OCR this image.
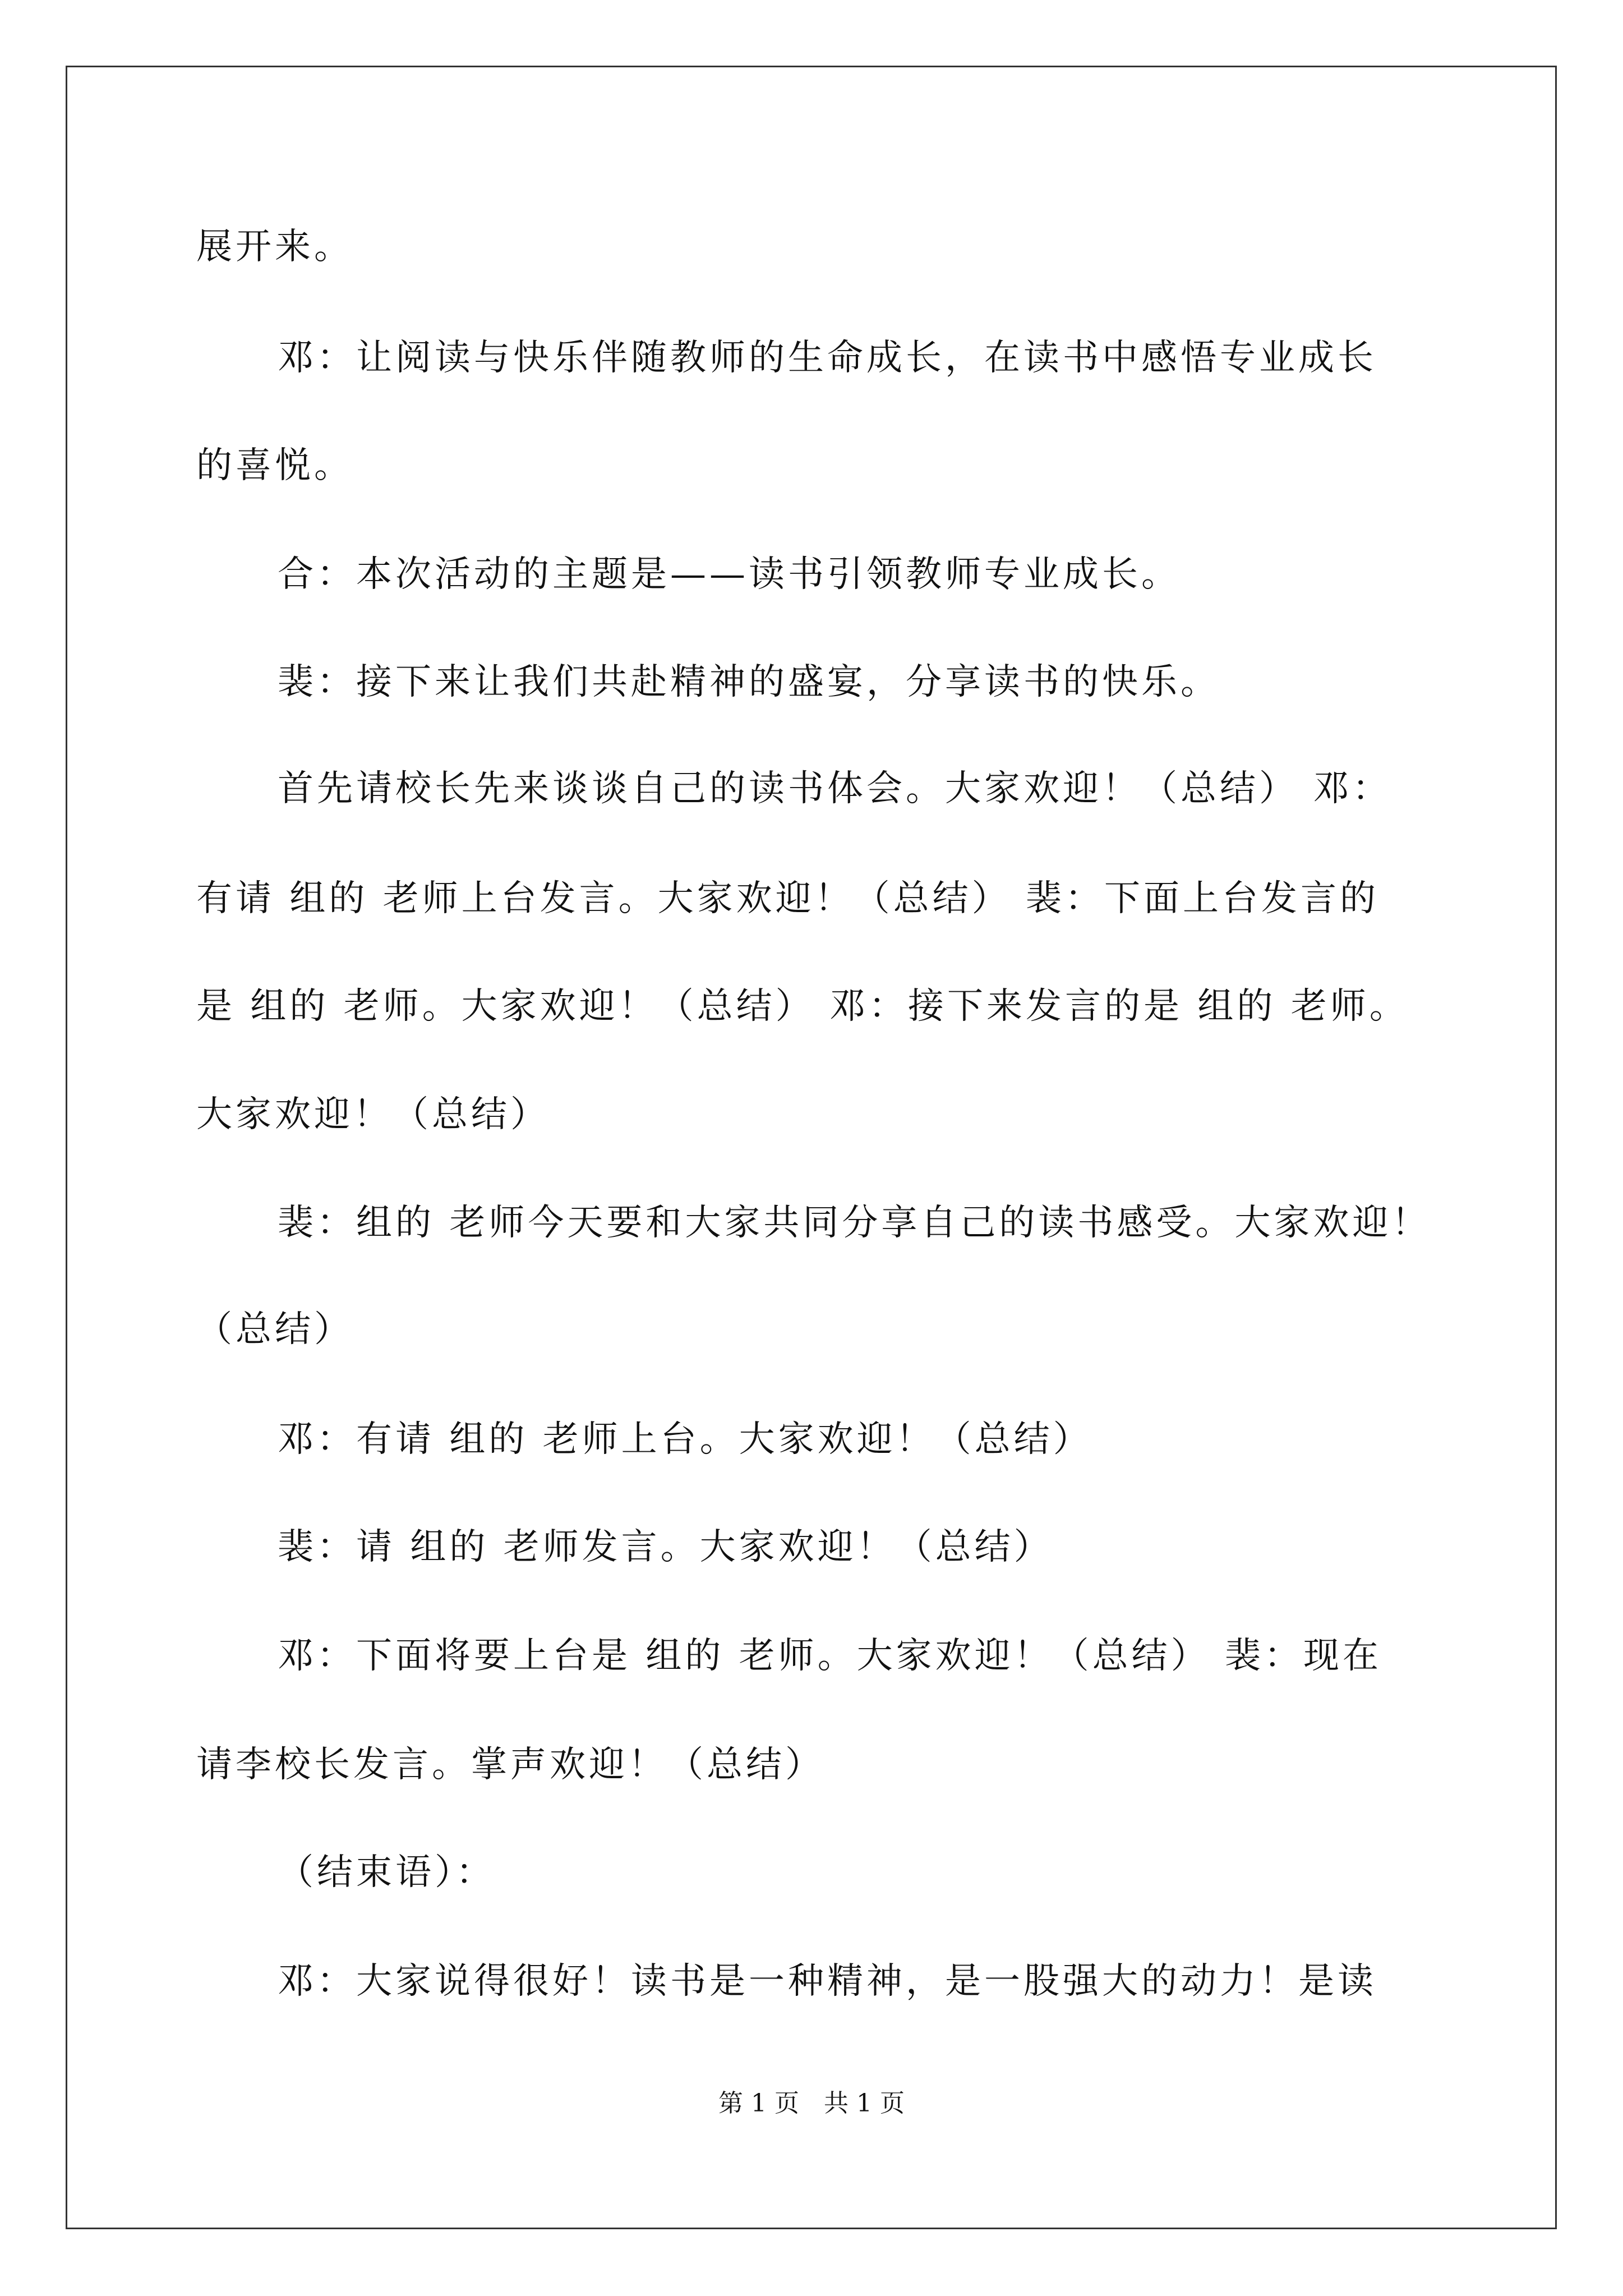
展开来。
邓：让阅读与快乐伴随教师的生命成长，在读书中感悟专业成长
的喜悦。
合：本次活动的主题是——读书引领教师专业成长。
裴：接下来让我们共赴精神的盛宴，分享读书的快乐。
首先请校长先来谈谈自己的读书体会。大家欢迎！（总结） 邓：
有请 组的 老师上台发言。大家欢迎！（总结） 裴：下面上台发言的
是 组的 老师。大家欢迎！（总结） 邓：接下来发言的是 组的 老师。
大家欢迎！（总结）
裴：组的 老师今天要和大家共同分享自己的读书感受。大家欢迎！
（总结）
邓：有请 组的 老师上台。大家欢迎！（总结）
裴：请 组的 老师发言。大家欢迎！（总结）
邓：下面将要上台是 组的 老师。大家欢迎！（总结） 裴：现在
请李校长发言。掌声欢迎！（总结）
（结束语）：
邓：大家说得很好！读书是一种精神，是一股强大的动力！是读
第 1 页　共 1 页
